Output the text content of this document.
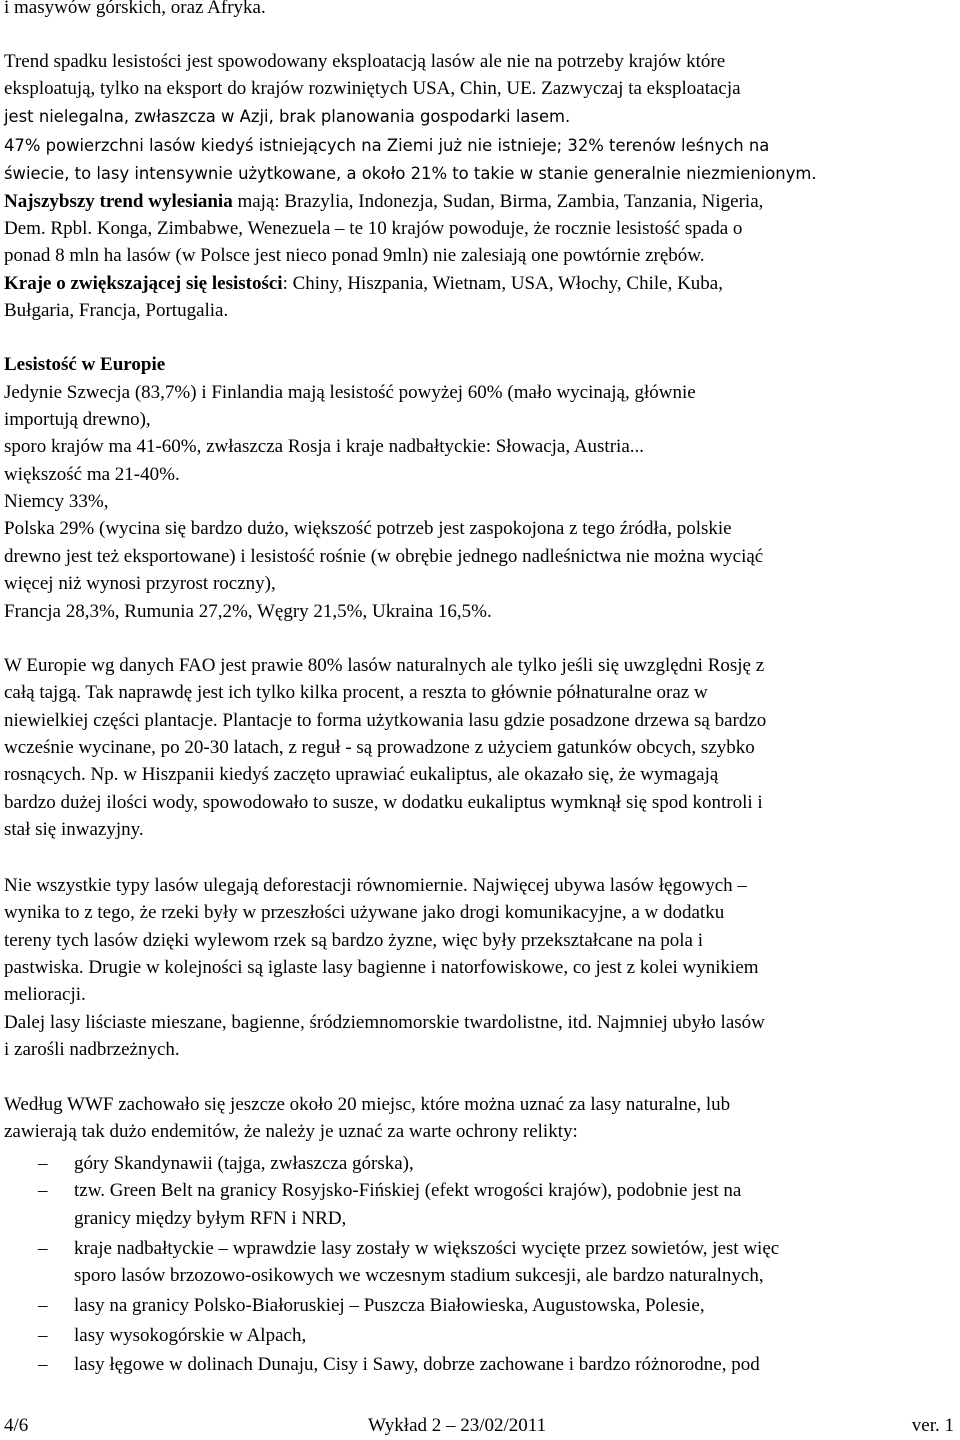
i masywów górskich, oraz Afryka.
Trend spadku lesistości jest spowodowany eksploatacją lasów ale nie na potrzeby krajów które
eksploatują, tylko na eksport do krajów rozwiniętych USA, Chin, UE. Zazwyczaj ta eksploatacja
jest nielegalna, zwłaszcza w Azji, brak planowania gospodarki lasem.
47% powierzchni lasów kiedyś istniejących na Ziemi już nie istnieje; 32% terenów leśnych na
świecie, to lasy intensywnie użytkowane, a około 21% to takie w stanie generalnie niezmienionym.
Najszybszy trend wylesiania mają: Brazylia, Indonezja, Sudan, Birma, Zambia, Tanzania, Nigeria,
Dem. Rpbl. Konga, Zimbabwe, Wenezuela – te 10 krajów powoduje, że rocznie lesistość spada o
ponad 8 mln ha lasów (w Polsce jest nieco ponad 9mln) nie zalesiają one powtórnie zrębów.
Kraje o zwiększającej się lesistości: Chiny, Hiszpania, Wietnam, USA, Włochy, Chile, Kuba,
Bułgaria, Francja, Portugalia.
Lesistość w Europie
Jedynie Szwecja (83,7%) i Finlandia mają lesistość powyżej 60% (mało wycinają, głównie
importują drewno),
sporo krajów ma 41-60%, zwłaszcza Rosja i kraje nadbałtyckie: Słowacja, Austria...
większość ma 21-40%.
Niemcy 33%,
Polska 29% (wycina się bardzo dużo, większość potrzeb jest zaspokojona z tego źródła, polskie
drewno jest też eksportowane) i lesistość rośnie (w obrębie jednego nadleśnictwa nie można wyciąć
więcej niż wynosi przyrost roczny),
Francja 28,3%, Rumunia 27,2%, Węgry 21,5%, Ukraina 16,5%.
W Europie wg danych FAO jest prawie 80% lasów naturalnych ale tylko jeśli się uwzględni Rosję z
całą tajgą. Tak naprawdę jest ich tylko kilka procent, a reszta to głównie półnaturalne oraz w
niewielkiej części plantacje. Plantacje to forma użytkowania lasu gdzie posadzone drzewa są bardzo
wcześnie wycinane, po 20-30 latach, z reguł - są prowadzone z użyciem gatunków obcych, szybko
rosnących. Np. w Hiszpanii kiedyś zaczęto uprawiać eukaliptus, ale okazało się, że wymagają
bardzo dużej ilości wody, spowodowało to susze, w dodatku eukaliptus wymknął się spod kontroli i
stał się inwazyjny.
Nie wszystkie typy lasów ulegają deforestacji równomiernie. Najwięcej ubywa lasów łęgowych –
wynika to z tego, że rzeki były w przeszłości używane jako drogi komunikacyjne, a w dodatku
tereny tych lasów dzięki wylewom rzek są bardzo żyzne, więc były przekształcane na pola i
pastwiska. Drugie w kolejności są iglaste lasy bagienne i natorfowiskowe, co jest z kolei wynikiem
melioracji.
Dalej lasy liściaste mieszane, bagienne, śródziemnomorskie twardolistne, itd. Najmniej ubyło lasów
i zarośli nadbrzeżnych.
Według WWF zachowało się jeszcze około 20 miejsc, które można uznać za lasy naturalne, lub
zawierają tak dużo endemitów, że należy je uznać za warte ochrony relikty:
– góry Skandynawii (tajga, zwłaszcza górska),
– tzw. Green Belt na granicy Rosyjsko-Fińskiej (efekt wrogości krajów), podobnie jest na
granicy między byłym RFN i NRD,
– kraje nadbałtyckie – wprawdzie lasy zostały w większości wycięte przez sowietów, jest więc
sporo lasów brzozowo-osikowych we wczesnym stadium sukcesji, ale bardzo naturalnych,
– lasy na granicy Polsko-Białoruskiej – Puszcza Białowieska, Augustowska, Polesie,
– lasy wysokogórskie w Alpach,
– lasy łęgowe w dolinach Dunaju, Cisy i Sawy, dobrze zachowane i bardzo różnorodne, pod
4/6	Wykład 2 – 23/02/2011	ver. 1
